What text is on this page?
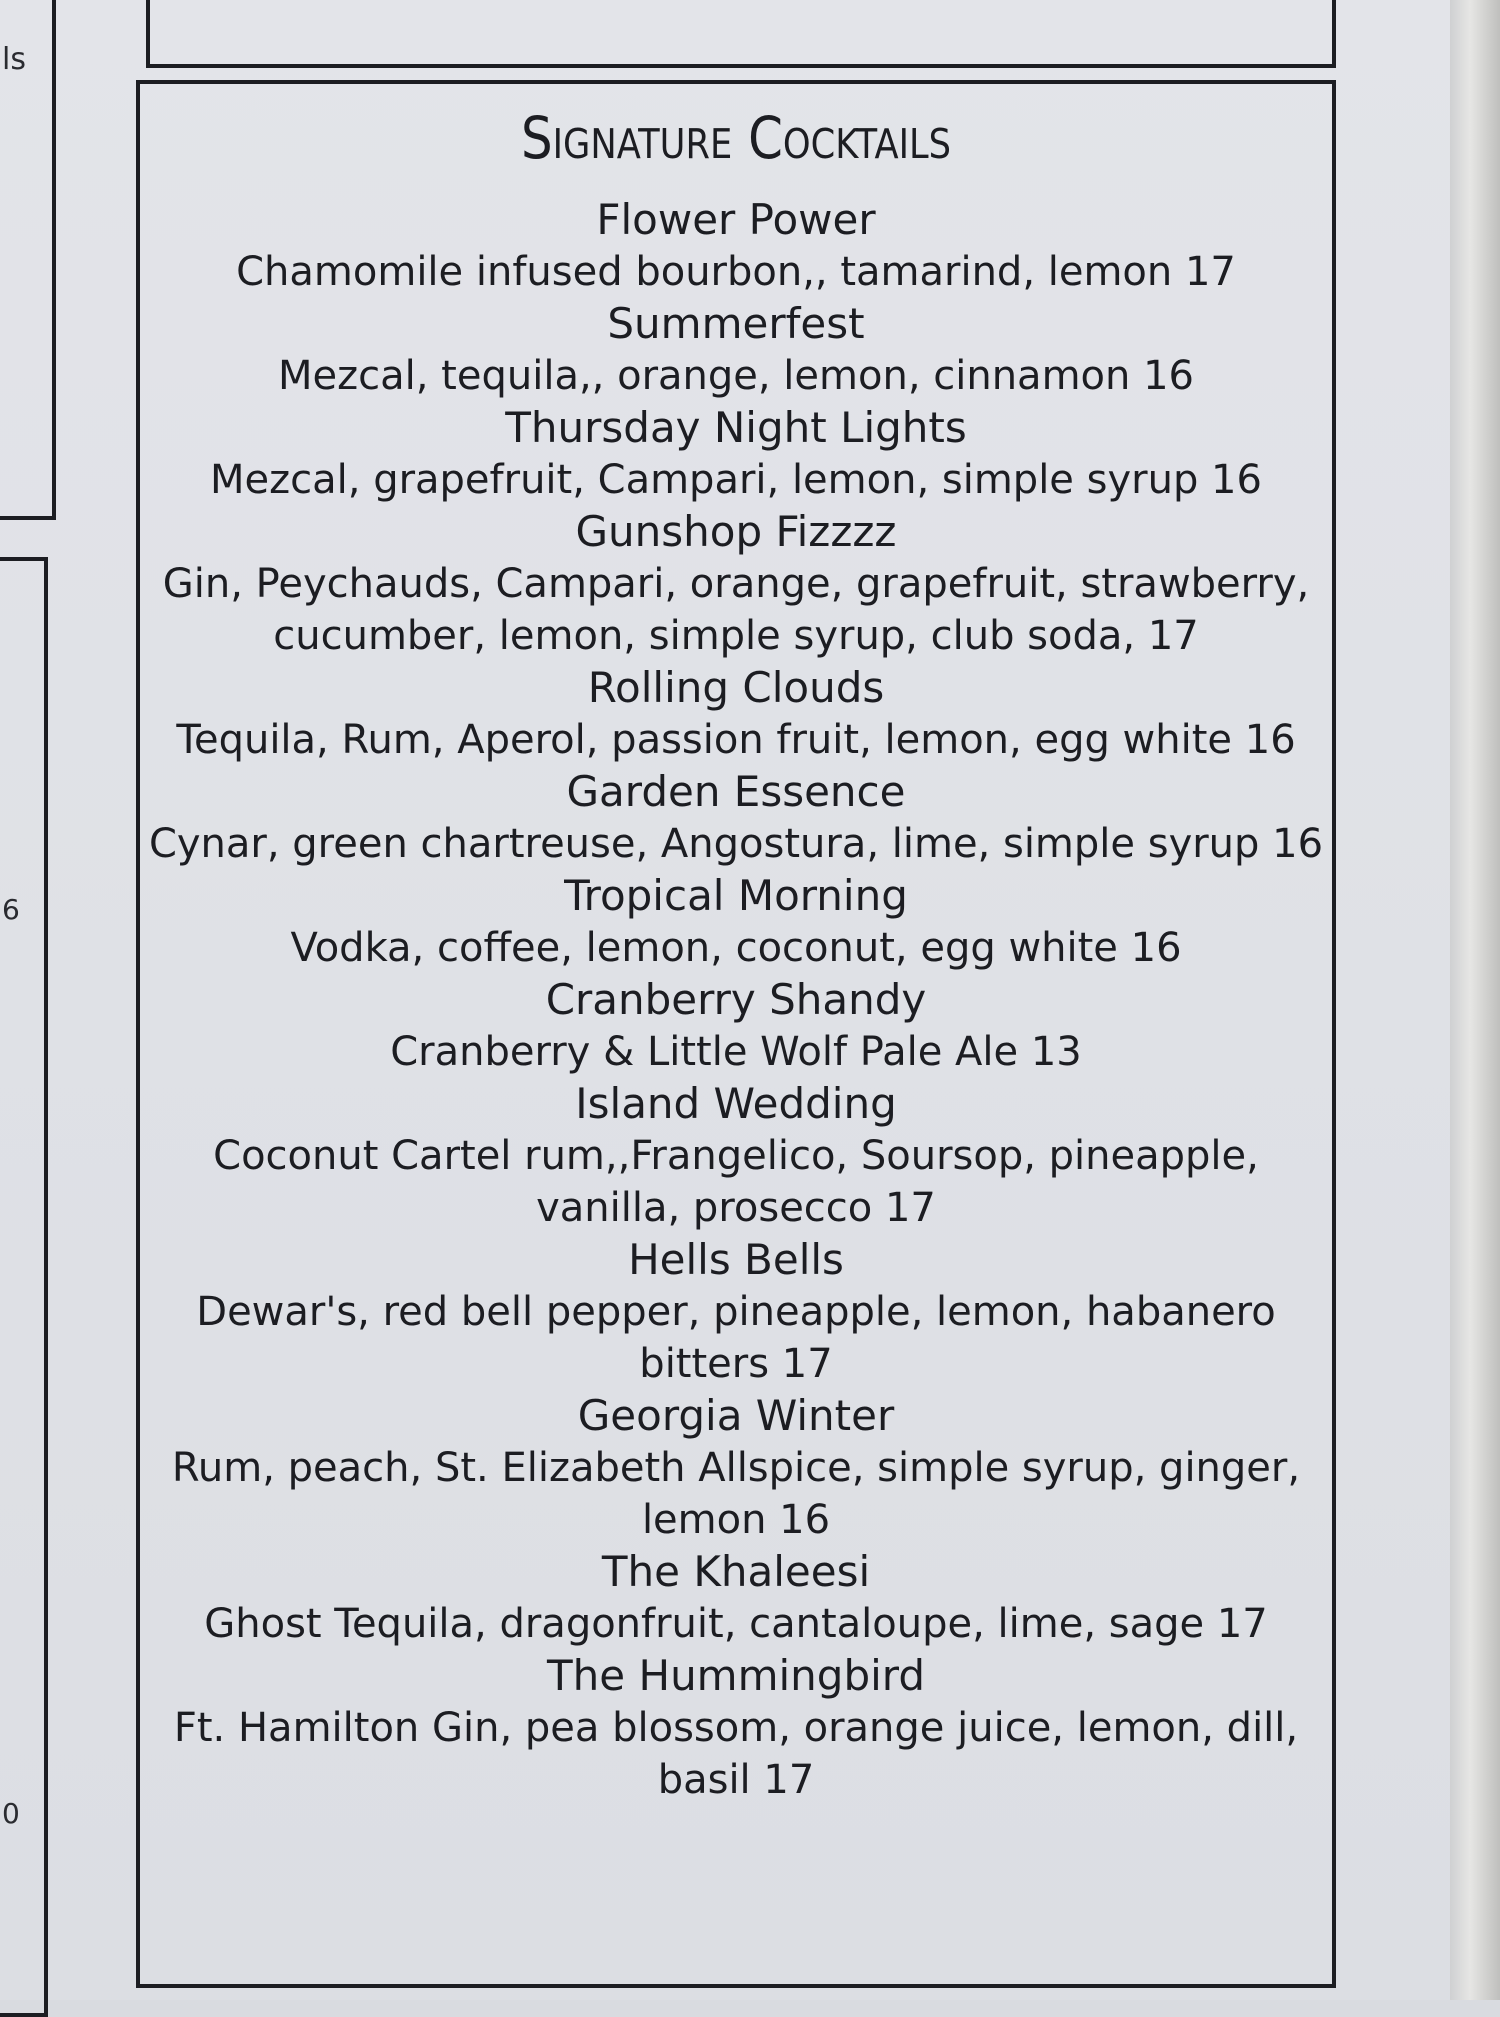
ls
6
0
Signature Cocktails
Flower Power
Chamomile infused bourbon,, tamarind, lemon 17
Summerfest
Mezcal, tequila,, orange, lemon, cinnamon 16
Thursday Night Lights
Mezcal, grapefruit, Campari, lemon, simple syrup 16
Gunshop Fizzzz
Gin, Peychauds, Campari, orange, grapefruit, strawberry, cucumber, lemon, simple syrup, club soda, 17
Rolling Clouds
Tequila, Rum, Aperol, passion fruit, lemon, egg white 16
Garden Essence
Cynar, green chartreuse, Angostura, lime, simple syrup 16
Tropical Morning
Vodka, coffee, lemon, coconut, egg white 16
Cranberry Shandy
Cranberry & Little Wolf Pale Ale 13
Island Wedding
Coconut Cartel rum,,Frangelico, Soursop, pineapple, vanilla, prosecco 17
Hells Bells
Dewar's, red bell pepper, pineapple, lemon, habanero bitters 17
Georgia Winter
Rum, peach, St. Elizabeth Allspice, simple syrup, ginger, lemon 16
The Khaleesi
Ghost Tequila, dragonfruit, cantaloupe, lime, sage 17
The Hummingbird
Ft. Hamilton Gin, pea blossom, orange juice, lemon, dill, basil 17
